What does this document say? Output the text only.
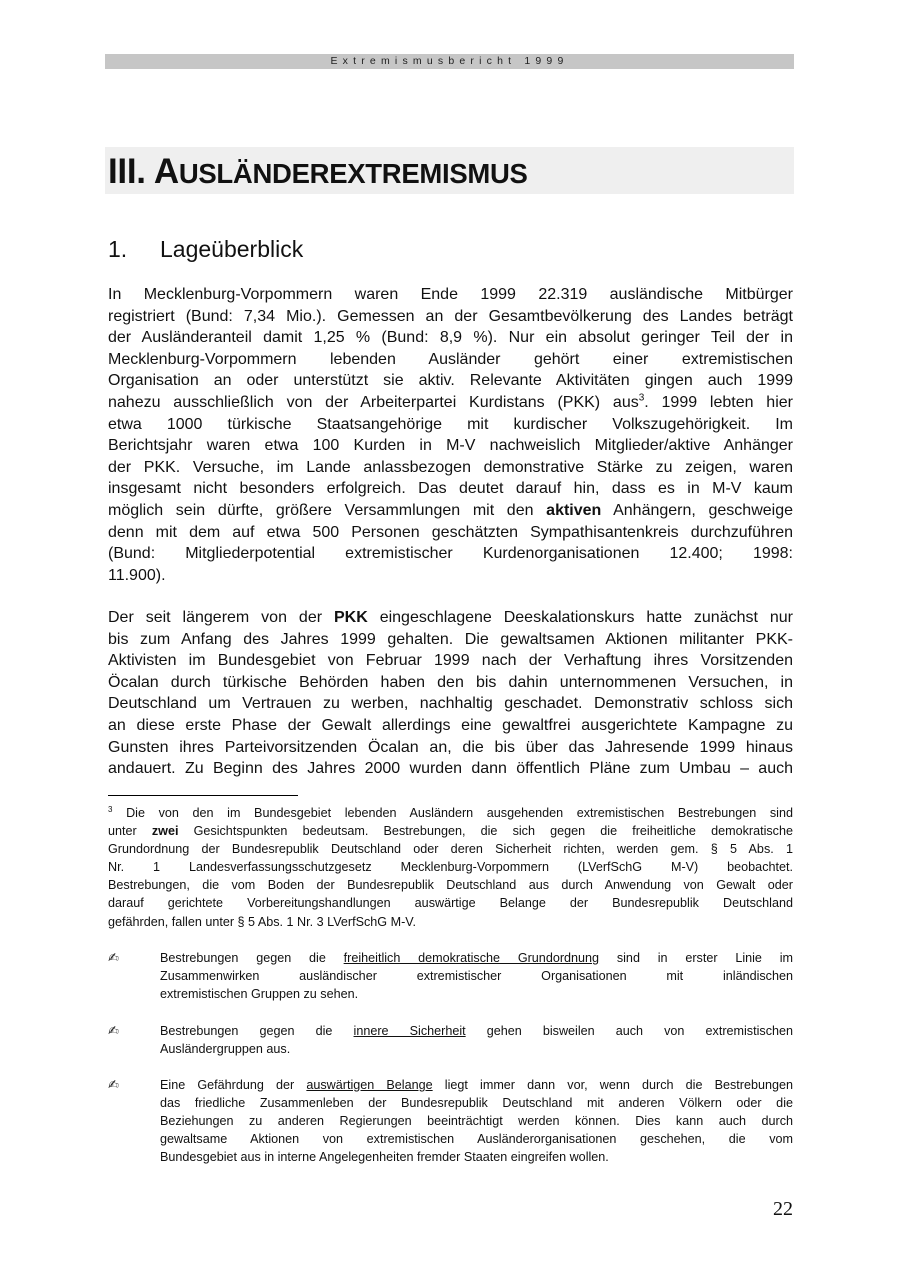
Extremismusbericht 1999
III. AUSLÄNDEREXTREMISMUS
1. Lageüberblick
In Mecklenburg-Vorpommern waren Ende 1999 22.319 ausländische Mitbürger
registriert (Bund: 7,34 Mio.). Gemessen an der Gesamtbevölkerung des Landes beträgt
der Ausländeranteil damit 1,25 % (Bund: 8,9 %). Nur ein absolut geringer Teil der in
Mecklenburg-Vorpommern lebenden Ausländer gehört einer extremistischen
Organisation an oder unterstützt sie aktiv. Relevante Aktivitäten gingen auch 1999
nahezu ausschließlich von der Arbeiterpartei Kurdistans (PKK) aus$^3$. 1999 lebten hier
etwa 1000 türkische Staatsangehörige mit kurdischer Volkszugehörigkeit. Im
Berichtsjahr waren etwa 100 Kurden in M-V nachweislich Mitglieder/aktive Anhänger
der PKK. Versuche, im Lande anlassbezogen demonstrative Stärke zu zeigen, waren
insgesamt nicht besonders erfolgreich. Das deutet darauf hin, dass es in M-V kaum
möglich sein dürfte, größere Versammlungen mit den aktiven Anhängern, geschweige
denn mit dem auf etwa 500 Personen geschätzten Sympathisantenkreis durchzuführen
(Bund: Mitgliederpotential extremistischer Kurdenorganisationen 12.400; 1998:
11.900).
Der seit längerem von der PKK eingeschlagene Deeskalationskurs hatte zunächst nur
bis zum Anfang des Jahres 1999 gehalten. Die gewaltsamen Aktionen militanter PKK-
Aktivisten im Bundesgebiet von Februar 1999 nach der Verhaftung ihres Vorsitzenden
Öcalan durch türkische Behörden haben den bis dahin unternommenen Versuchen, in
Deutschland um Vertrauen zu werben, nachhaltig geschadet. Demonstrativ schloss sich
an diese erste Phase der Gewalt allerdings eine gewaltfrei ausgerichtete Kampagne zu
Gunsten ihres Parteivorsitzenden Öcalan an, die bis über das Jahresende 1999 hinaus
andauert. Zu Beginn des Jahres 2000 wurden dann öffentlich Pläne zum Umbau – auch
$^3$ Die von den im Bundesgebiet lebenden Ausländern ausgehenden extremistischen Bestrebungen sind
unter zwei Gesichtspunkten bedeutsam. Bestrebungen, die sich gegen die freiheitliche demokratische
Grundordnung der Bundesrepublik Deutschland oder deren Sicherheit richten, werden gem. § 5 Abs. 1
Nr. 1 Landesverfassungsschutzgesetz Mecklenburg-Vorpommern (LVerfSchG M-V) beobachtet.
Bestrebungen, die vom Boden der Bundesrepublik Deutschland aus durch Anwendung von Gewalt oder
darauf gerichtete Vorbereitungshandlungen auswärtige Belange der Bundesrepublik Deutschland
gefährden, fallen unter § 5 Abs. 1 Nr. 3 LVerfSchG M-V.
✍	Bestrebungen gegen die freiheitlich demokratische Grundordnung sind in erster Linie im
Zusammenwirken ausländischer extremistischer Organisationen mit inländischen
extremistischen Gruppen zu sehen.
✍	Bestrebungen gegen die innere Sicherheit gehen bisweilen auch von extremistischen
Ausländergruppen aus.
✍	Eine Gefährdung der auswärtigen Belange liegt immer dann vor, wenn durch die Bestrebungen
das friedliche Zusammenleben der Bundesrepublik Deutschland mit anderen Völkern oder die
Beziehungen zu anderen Regierungen beeinträchtigt werden können. Dies kann auch durch
gewaltsame Aktionen von extremistischen Ausländerorganisationen geschehen, die vom
Bundesgebiet aus in interne Angelegenheiten fremder Staaten eingreifen wollen.
22
